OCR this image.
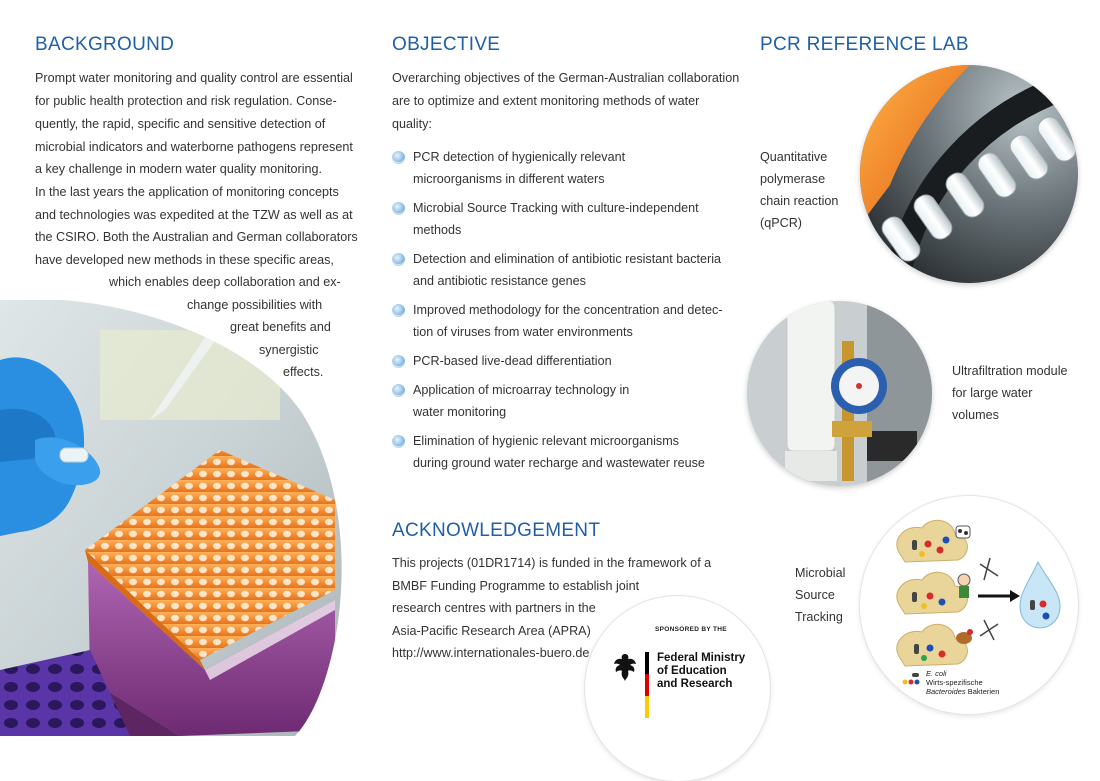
BACKGROUND
Prompt water monitoring and quality control are essential
for public health protection and risk regulation. Conse-
quently, the rapid, specific and sensitive detection of
microbial indicators and waterborne pathogens represent
a key challenge in modern water quality monitoring.
In the last years the application of monitoring concepts
and technologies was expedited at the TZW as well as at
the CSIRO. Both the Australian and German collaborators
have developed new methods in these specific areas,
which enables deep collaboration and ex-
change possibilities with
great benefits and
synergistic
effects.
OBJECTIVE
Overarching objectives of the German-Australian collaboration
are to optimize and extent monitoring methods of water
quality:
PCR detection of hygienically relevant
microorganisms in different waters
Microbial Source Tracking with culture-independent
methods
Detection and elimination of antibiotic resistant bacteria
and antibiotic resistance genes
Improved methodology for the concentration and detec-
tion of viruses from water environments
PCR-based live-dead differentiation
Application of microarray technology in
water monitoring
Elimination of hygienic relevant microorganisms
during ground water recharge and wastewater reuse
ACKNOWLEDGEMENT
This projects (01DR1714) is funded in the framework of a
BMBF Funding Programme to establish joint
research centres with partners in the
Asia-Pacific Research Area (APRA)
http://www.internationales-buero.de
SPONSORED BY THE
Federal Ministry
of Education
and Research
PCR REFERENCE LAB
Quantitative
polymerase
chain reaction
(qPCR)
Ultrafiltration module
for large water
volumes
Microbial
Source
Tracking
E. coli
Wirts-spezifische
Bacteroides Bakterien
